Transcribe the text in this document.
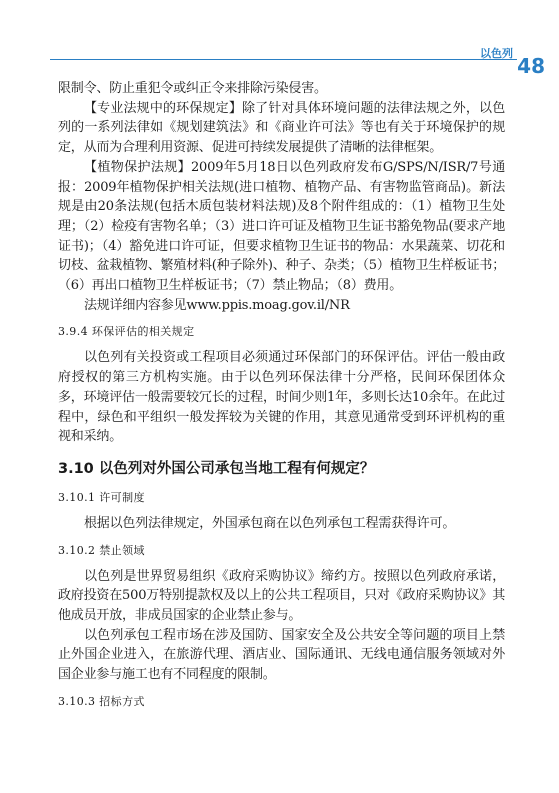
以色列
48

限制令、防止重犯令或纠正令来排除污染侵害。

【专业法规中的环保规定】除了针对具体环境问题的法律法规之外，以色列的一系列法律如《规划建筑法》和《商业许可法》等也有关于环境保护的规定，从而为合理利用资源、促进可持续发展提供了清晰的法律框架。

【植物保护法规】2009年5月18日以色列政府发布G/SPS/N/ISR/7号通报：2009年植物保护相关法规(进口植物、植物产品、有害物监管商品)。新法规是由20条法规(包括木质包装材料法规)及8个附件组成的：（1）植物卫生处理；（2）检疫有害物名单；（3）进口许可证及植物卫生证书豁免物品(要求产地证书)；（4）豁免进口许可证，但要求植物卫生证书的物品：水果蔬菜、切花和切枝、盆栽植物、繁殖材料(种子除外)、种子、杂类；（5）植物卫生样板证书；（6）再出口植物卫生样板证书；（7）禁止物品；（8）费用。

法规详细内容参见www.ppis.moag.gov.il/NR

3.9.4 环保评估的相关规定

以色列有关投资或工程项目必须通过环保部门的环保评估。评估一般由政府授权的第三方机构实施。由于以色列环保法律十分严格，民间环保团体众多，环境评估一般需要较冗长的过程，时间少则1年，多则长达10余年。在此过程中，绿色和平组织一般发挥较为关键的作用，其意见通常受到环评机构的重视和采纳。

3.10 以色列对外国公司承包当地工程有何规定？
3.10.1 许可制度

根据以色列法律规定，外国承包商在以色列承包工程需获得许可。

3.10.2 禁止领域

以色列是世界贸易组织《政府采购协议》缔约方。按照以色列政府承诺，政府投资在500万特别提款权及以上的公共工程项目，只对《政府采购协议》其他成员开放，非成员国家的企业禁止参与。

以色列承包工程市场在涉及国防、国家安全及公共安全等问题的项目上禁止外国企业进入，在旅游代理、酒店业、国际通讯、无线电通信服务领域对外国企业参与施工也有不同程度的限制。

3.10.3 招标方式
